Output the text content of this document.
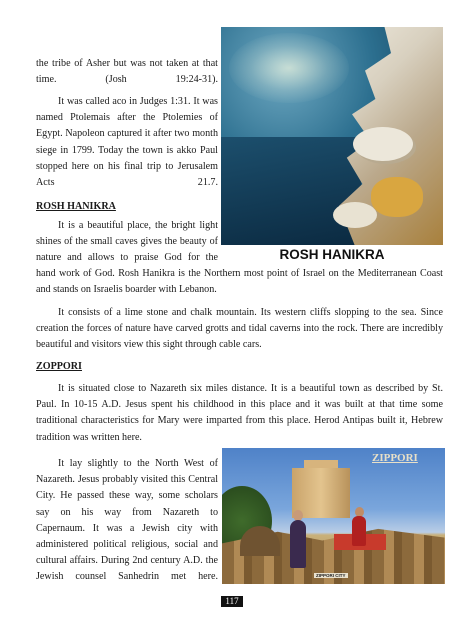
the tribe of Asher but was not taken at that time. (Josh 19:24-31).

It was called aco in Judges 1:31. It was named Ptolemais after the Ptolemies of Egypt. Napoleon captured it after two month siege in 1799. Today the town is akko Paul stopped here on his final trip to Jerusalem Acts 21.7.

ROSH HANIKRA

It is a beautiful place, the bright light shines of the small caves gives the beauty of nature and allows to praise God for the	ROSH HANIKRA

hand work of God. Rosh Hanikra is the Northern most point of Israel on the Mediterranean Coast and stands on Israelis boarder with Lebanon.

It consists of a lime stone and chalk mountain. Its western cliffs slopping to the sea. Since creation the forces of nature have carved grotts and tidal caverns into the rock. There are incredibly beautiful and visitors view this sight through cable cars.

ZOPPORI

It is situated close to Nazareth six miles distance. It is a beautiful town as described by St. Paul. In 10-15 A.D. Jesus spent his childhood in this place and it was built at that time some traditional characteristics for Mary were imparted from this place. Herod Antipas built it, Hebrew tradition was written here.

It lay slightly to the North West of Nazareth. Jesus probably visited this Central City. He passed these way, some scholars say on his way from Nazareth to Capernaum. It was a Jewish city with administered political religious, social and cultural affairs. During 2nd century A.D. the Jewish counsel Sanhedrin met here.

ZIPPORI
ZIPPORI CITY
117
